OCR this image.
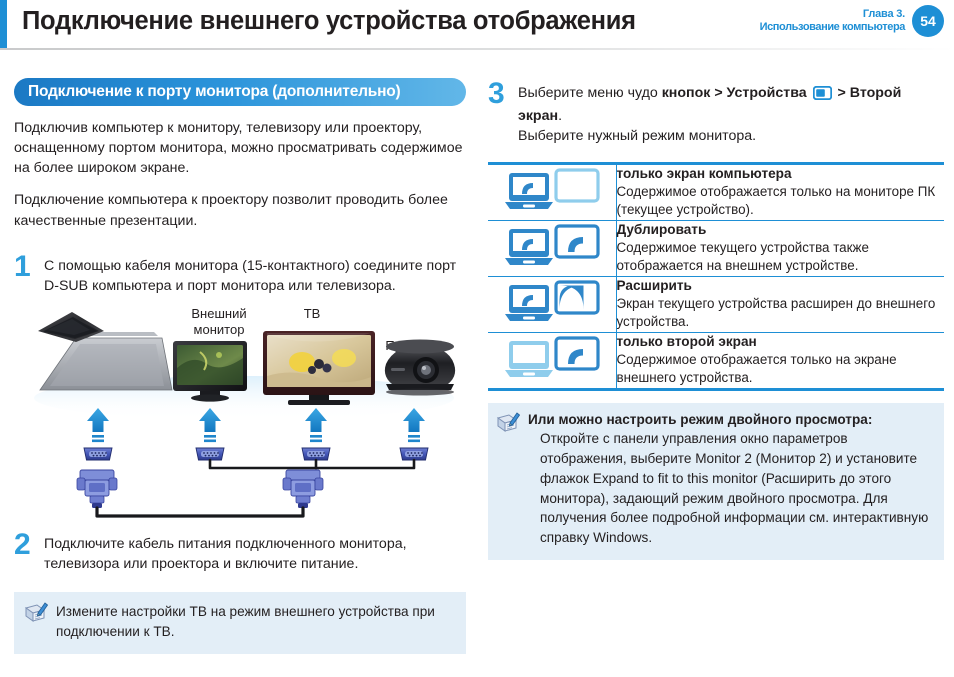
Подключение внешнего устройства отображения	Глава 3.
Использование компьютера	54
Подключение к порту монитора (дополнительно)
Подключив компьютер к монитору, телевизору или проектору, оснащенному портом монитора, можно просматривать содержимое на более широком экране.
Подключение компьютера к проектору позволит проводить более качественные презентации.
1 С помощью кабеля монитора (15-контактного) соедините порт D-SUB компьютера и порт монитора или телевизора.
Внешний
монитор
ТВ
2 Подключите кабель питания подключенного монитора, телевизора или проектора и включите питание.
Измените настройки ТВ на режим внешнего устройства при подключении к ТВ.
3 Выберите меню чудо кнопок > Устройства > Второй экран.
Выберите нужный режим монитора.

только экран компьютера
Содержимое отображается только на мониторе ПК (текущее устройство).

Дублировать
Содержимое текущего устройства также отображается на внешнем устройстве.

Расширить
Экран текущего устройства расширен до внешнего устройства.

только второй экран
Содержимое отображается только на экране внешнего устройства.
Или можно настроить режим двойного просмотра:
Откройте с панели управления окно параметров отображения, выберите Monitor 2 (Монитор 2) и установите флажок Expand to fit to this monitor (Расширить до этого монитора), задающий режим двойного просмотра. Для получения более подробной информации см. интерактивную справку Windows.
